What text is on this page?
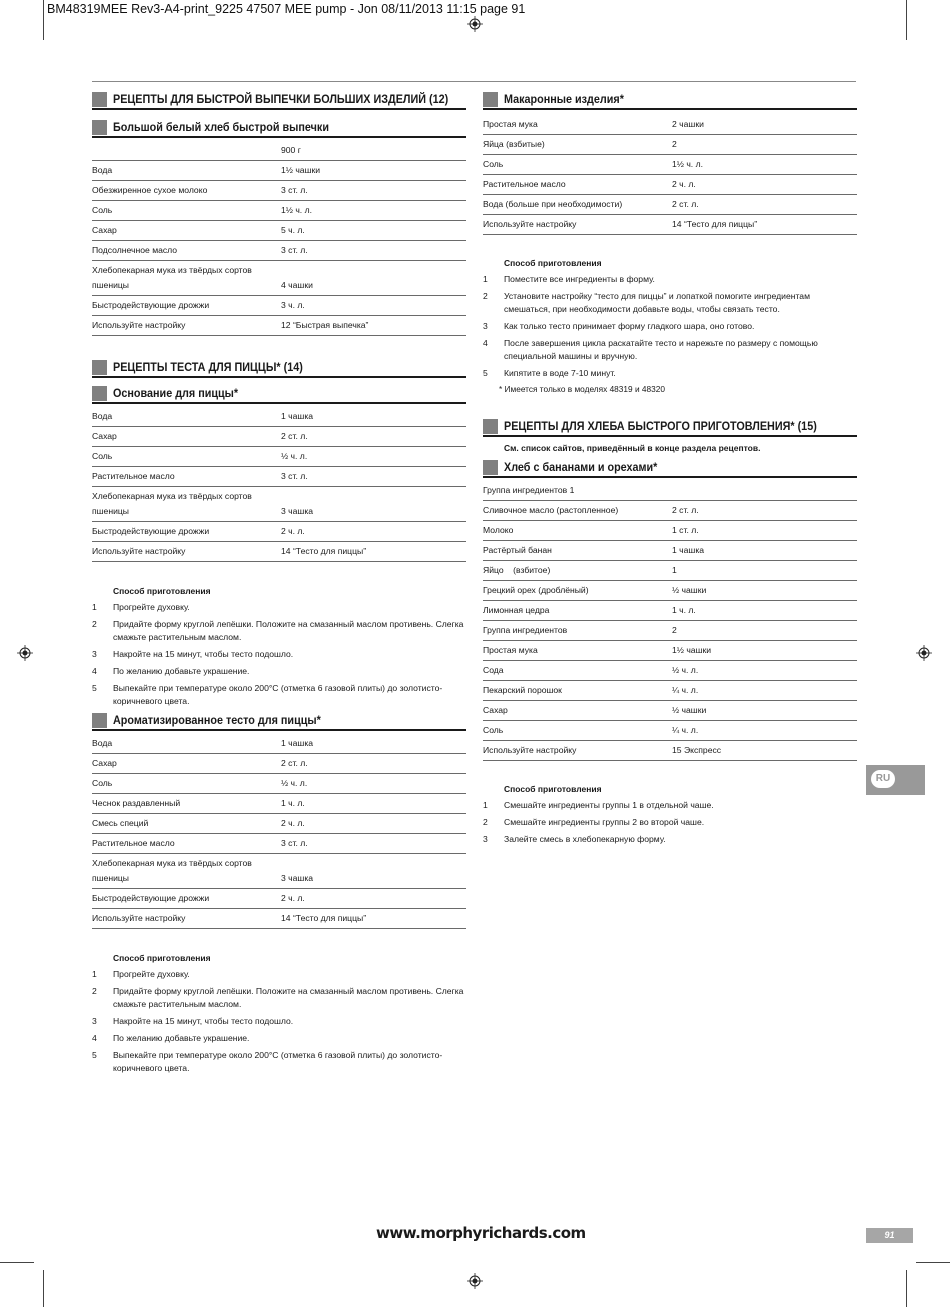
BM48319MEE Rev3-A4-print_9225 47507 MEE pump - Jon 08/11/2013 11:15 page 91
РЕЦЕПТЫ ДЛЯ БЫСТРОЙ ВЫПЕЧКИ БОЛЬШИХ ИЗДЕЛИЙ (12)
Большой белый хлеб быстрой выпечки
	900 г
Вода	1½ чашки
Обезжиренное сухое молоко	3 ст. л.
Соль	1½ ч. л.
Сахар	5 ч. л.
Подсолнечное масло	3 ст. л.
Хлебопекарная мука из твёрдых сортов пшеницы	4 чашки
Быстродействующие дрожжи	3 ч. л.
Используйте настройку	12 “Быстрая выпечка”
РЕЦЕПТЫ ТЕСТА ДЛЯ ПИЦЦЫ* (14)
Основание для пиццы*
Вода	1 чашка
Сахар	2 ст. л.
Соль	½ ч. л.
Растительное масло	3 ст. л.
Хлебопекарная мука из твёрдых сортов пшеницы	3 чашка
Быстродействующие дрожжи	2 ч. л.
Используйте настройку	14 “Тесто для пиццы”
Способ приготовления
1 Прогрейте духовку.
2 Придайте форму круглой лепёшки. Положите на смазанный маслом противень. Слегка смажьте растительным маслом.
3 Накройте на 15 минут, чтобы тесто подошло.
4 По желанию добавьте украшение.
5 Выпекайте при температуре около 200°C (отметка 6 газовой плиты) до золотисто-коричневого цвета.
Ароматизированное тесто для пиццы*
Вода	1 чашка
Сахар	2 ст. л.
Соль	½ ч. л.
Чеснок раздавленный	1 ч. л.
Смесь специй	2 ч. л.
Растительное масло	3 ст. л.
Хлебопекарная мука из твёрдых сортов пшеницы	3 чашка
Быстродействующие дрожжи	2 ч. л.
Используйте настройку	14 “Тесто для пиццы”
Способ приготовления
1 Прогрейте духовку.
2 Придайте форму круглой лепёшки. Положите на смазанный маслом противень. Слегка смажьте растительным маслом.
3 Накройте на 15 минут, чтобы тесто подошло.
4 По желанию добавьте украшение.
5 Выпекайте при температуре около 200°C (отметка 6 газовой плиты) до золотисто-коричневого цвета.
Макаронные изделия*
Простая мука	2 чашки
Яйца (взбитые)	2
Соль	1½ ч. л.
Растительное масло	2 ч. л.
Вода (больше при необходимости)	2 ст. л.
Используйте настройку	14 “Тесто для пиццы”
Способ приготовления
1 Поместите все ингредиенты в форму.
2 Установите настройку “тесто для пиццы” и лопаткой помогите ингредиентам смешаться, при необходимости добавьте воды, чтобы связать тесто.
3 Как только тесто принимает форму гладкого шара, оно готово.
4 После завершения цикла раскатайте тесто и нарежьте по размеру с помощью специальной машины и вручную.
5 Кипятите в воде 7-10 минут.
* Имеется только в моделях 48319 и 48320
РЕЦЕПТЫ ДЛЯ ХЛЕБА БЫСТРОГО ПРИГОТОВЛЕНИЯ* (15)
См. список сайтов, приведённый в конце раздела рецептов.
Хлеб с бананами и орехами*
Группа ингредиентов 1	
Сливочное масло (растопленное)	2 ст. л.
Молоко	1 ст. л.
Растёртый банан	1 чашка
Яйцо    (взбитое)	1
Грецкий орех (дроблёный)	½ чашки
Лимонная цедра	1 ч. л.
Группа ингредиентов	2
Простая мука	1½ чашки
Сода	½ ч. л.
Пекарский порошок	¼ ч. л.
Сахар	½ чашки
Соль	¼ ч. л.
Используйте настройку	15 Экспресс
Способ приготовления
1 Смешайте ингредиенты группы 1 в отдельной чаше.
2 Смешайте ингредиенты группы 2 во второй чаше.
3 Залейте смесь в хлебопекарную форму.
RU
www.morphyrichards.com	91
